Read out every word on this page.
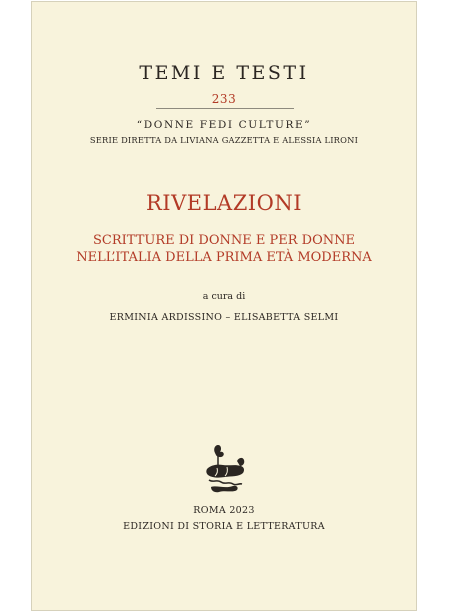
TEMI E TESTI
233
“DONNE FEDI CULTURE”
SERIE DIRETTA DA LIVIANA GAZZETTA E ALESSIA LIRONI
RIVELAZIONI
SCRITTURE DI DONNE E PER DONNE
NELL’ITALIA DELLA PRIMA ETÀ MODERNA
a cura di
ERMINIA ARDISSINO – ELISABETTA SELMI
ROMA 2023
EDIZIONI DI STORIA E LETTERATURA
